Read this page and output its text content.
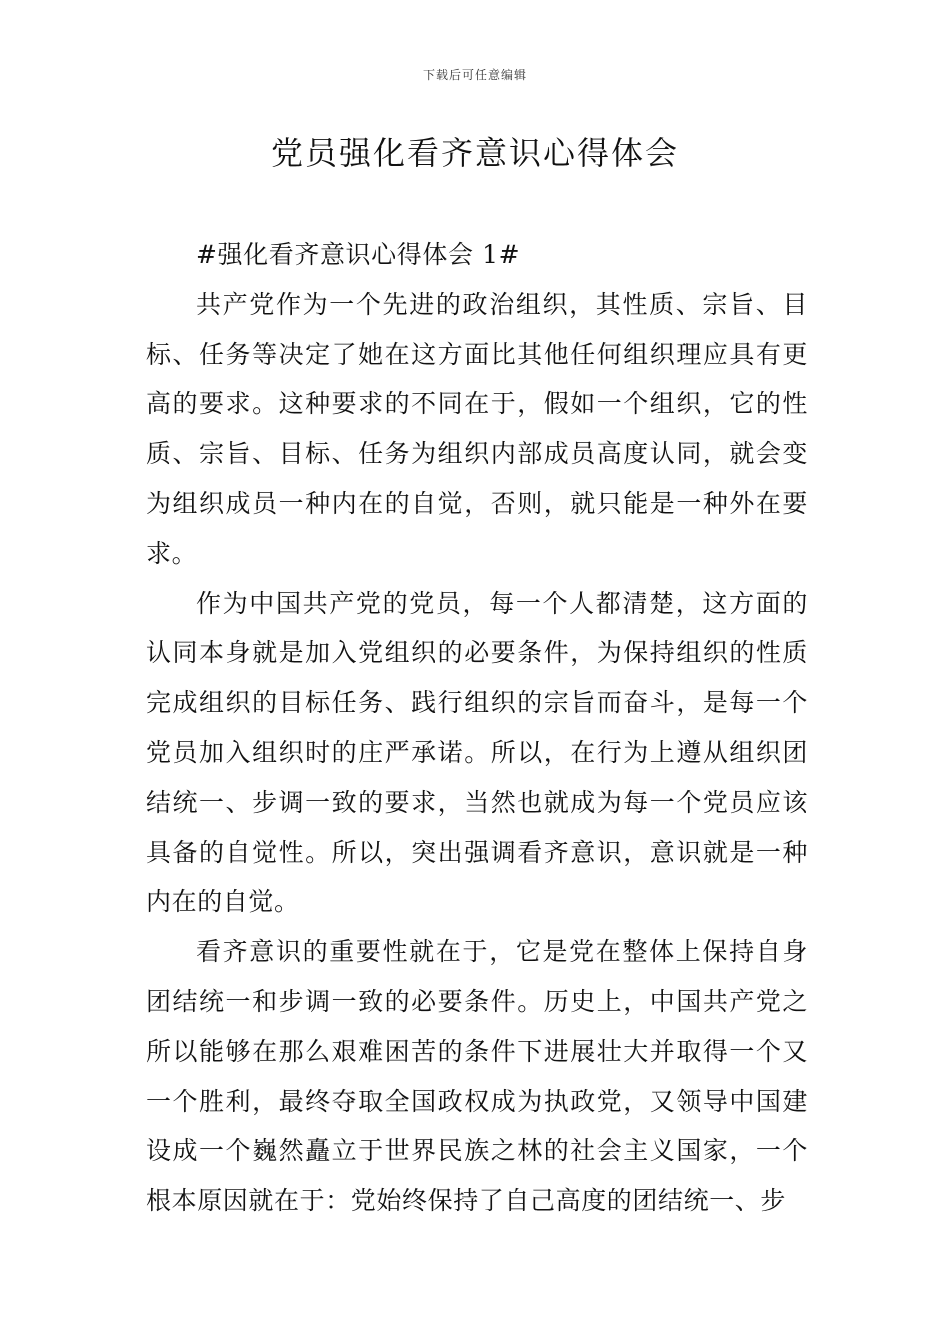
下载后可任意编辑
党员强化看齐意识心得体会

#强化看齐意识心得体会 1#

共产党作为一个先进的政治组织，其性质、宗旨、目标、任务等决定了她在这方面比其他任何组织理应具有更高的要求。这种要求的不同在于，假如一个组织，它的性质、宗旨、目标、任务为组织内部成员高度认同，就会变为组织成员一种内在的自觉，否则，就只能是一种外在要求。

作为中国共产党的党员，每一个人都清楚，这方面的认同本身就是加入党组织的必要条件，为保持组织的性质完成组织的目标任务、践行组织的宗旨而奋斗，是每一个党员加入组织时的庄严承诺。所以，在行为上遵从组织团结统一、步调一致的要求，当然也就成为每一个党员应该具备的自觉性。所以，突出强调看齐意识，意识就是一种内在的自觉。

看齐意识的重要性就在于，它是党在整体上保持自身团结统一和步调一致的必要条件。历史上，中国共产党之所以能够在那么艰难困苦的条件下进展壮大并取得一个又一个胜利，最终夺取全国政权成为执政党，又领导中国建设成一个巍然矗立于世界民族之林的社会主义国家，一个根本原因就在于：党始终保持了自己高度的团结统一、步
